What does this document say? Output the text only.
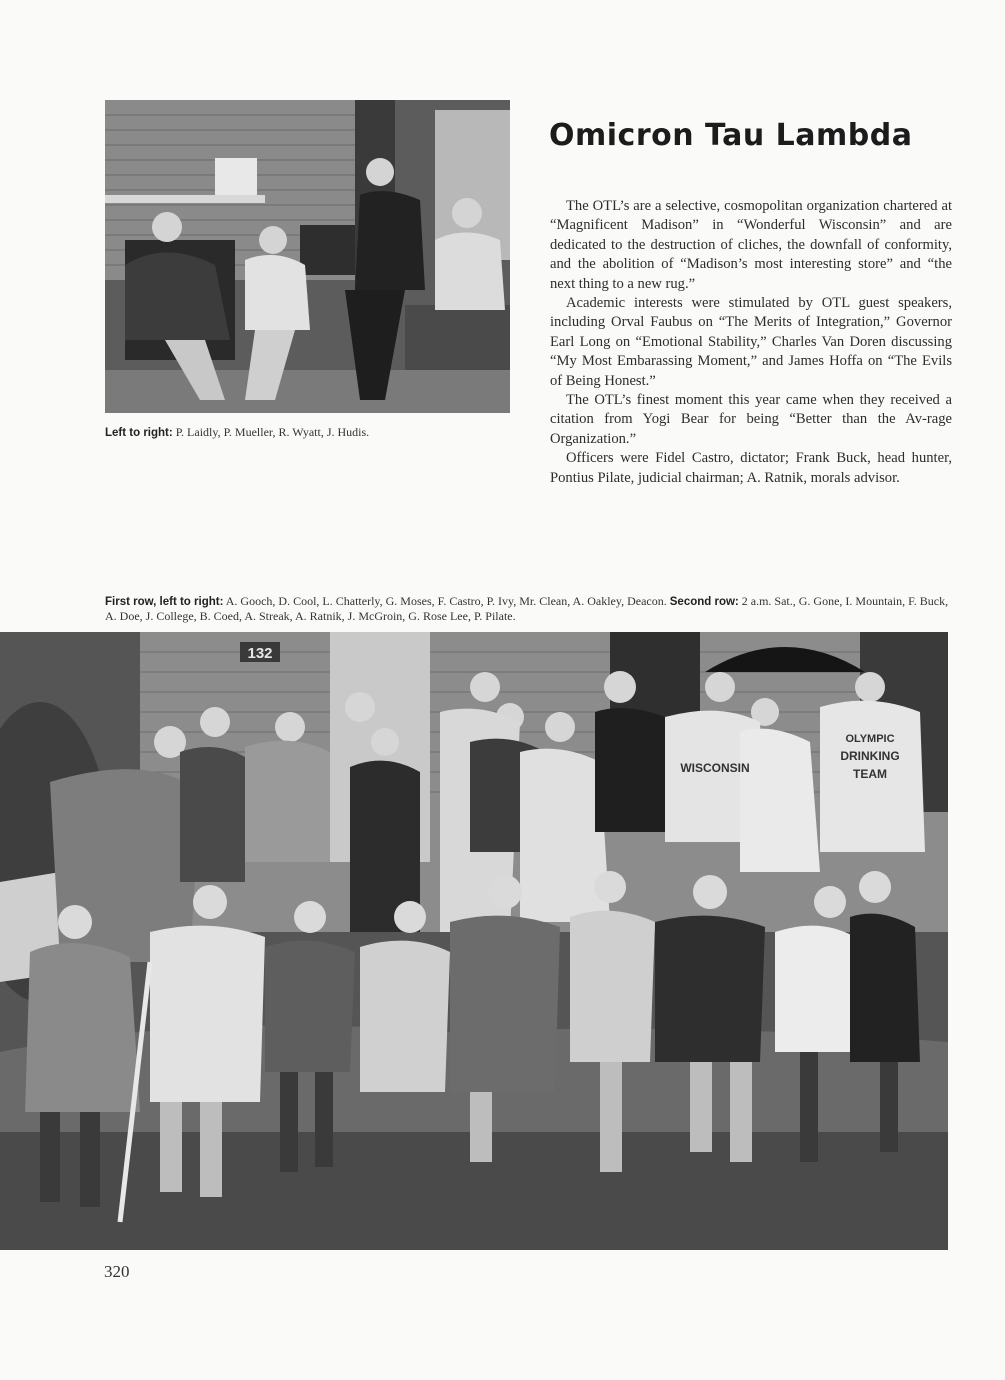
Left to right: P. Laidly, P. Mueller, R. Wyatt, J. Hudis.
Omicron Tau Lambda

The OTL’s are a selective, cosmopolitan organization chartered at “Magnificent Madison” in “Wonderful Wisconsin” and are dedicated to the destruction of cliches, the downfall of conformity, and the abolition of “Madison’s most interesting store” and “the next thing to a new rug.”

Academic interests were stimulated by OTL guest speakers, including Orval Faubus on “The Merits of Integration,” Governor Earl Long on “Emotional Stability,” Charles Van Doren discussing “My Most Embarassing Moment,” and James Hoffa on “The Evils of Being Honest.”

The OTL’s finest moment this year came when they received a citation from Yogi Bear for being “Better than the Av-rage Organization.”

Officers were Fidel Castro, dictator; Frank Buck, head hunter, Pontius Pilate, judicial chairman; A. Ratnik, morals advisor.

First row, left to right: A. Gooch, D. Cool, L. Chatterly, G. Moses, F. Castro, P. Ivy, Mr. Clean, A. Oakley, Deacon. Second row: 2 a.m. Sat., G. Gone, I. Mountain, F. Buck, A. Doe, J. College, B. Coed, A. Streak, A. Ratnik, J. McGroin, G. Rose Lee, P. Pilate.
132
WISCONSIN
OLYMPIC
DRINKING
TEAM
320
